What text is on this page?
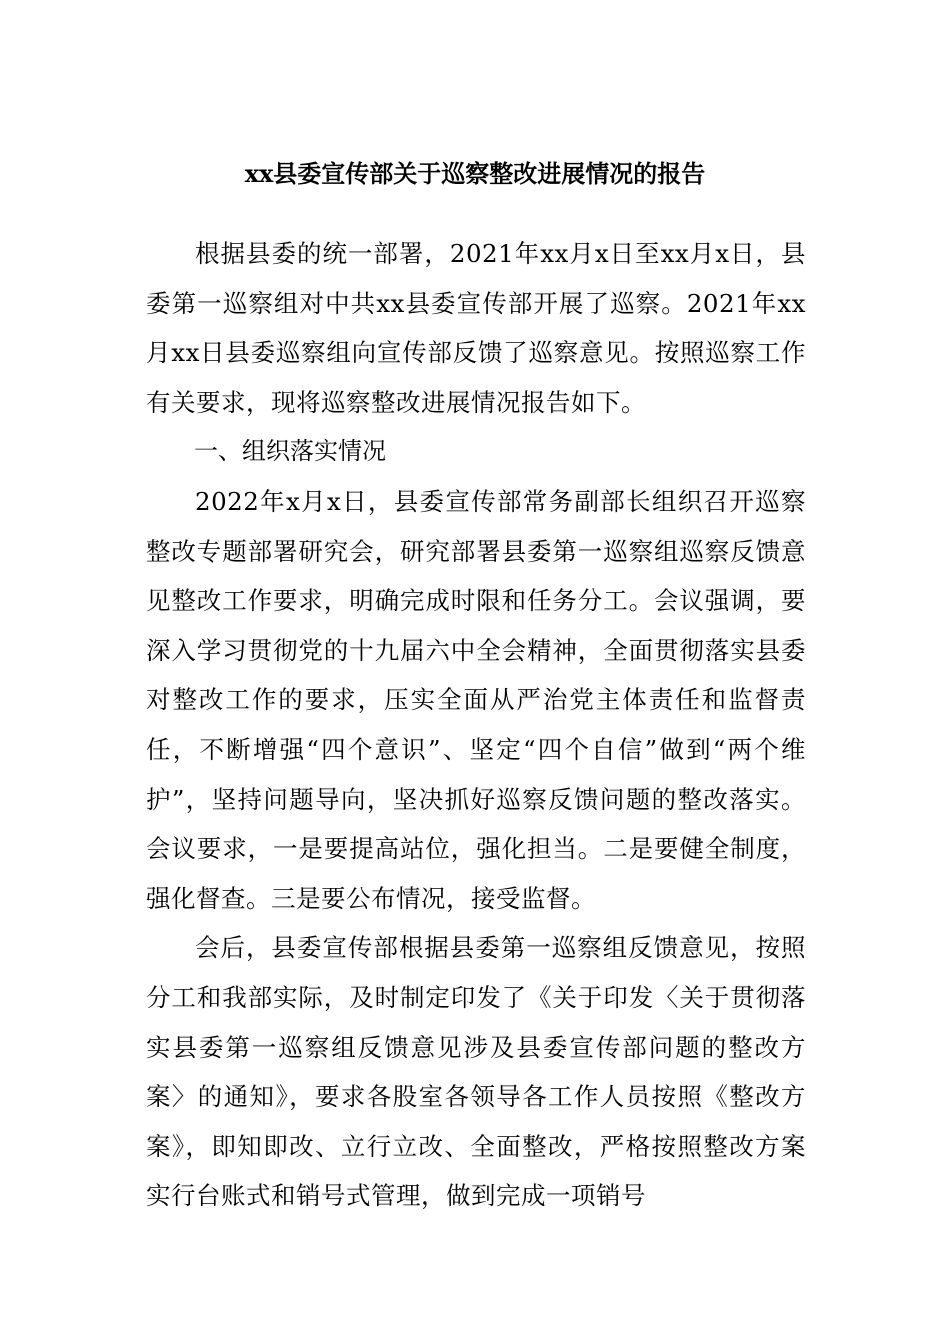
xx县委宣传部关于巡察整改进展情况的报告

根据县委的统一部署，2021年xx月x日至xx月x日，县委第一巡察组对中共xx县委宣传部开展了巡察。2021年xx月xx日县委巡察组向宣传部反馈了巡察意见。按照巡察工作有关要求，现将巡察整改进展情况报告如下。

一、组织落实情况

2022年x月x日，县委宣传部常务副部长组织召开巡察整改专题部署研究会，研究部署县委第一巡察组巡察反馈意见整改工作要求，明确完成时限和任务分工。会议强调，要深入学习贯彻党的十九届六中全会精神，全面贯彻落实县委对整改工作的要求，压实全面从严治党主体责任和监督责任，不断增强“四个意识”、坚定“四个自信”做到“两个维护”，坚持问题导向，坚决抓好巡察反馈问题的整改落实。会议要求，一是要提高站位，强化担当。二是要健全制度，强化督查。三是要公布情况，接受监督。

会后，县委宣传部根据县委第一巡察组反馈意见，按照分工和我部实际，及时制定印发了《关于印发〈关于贯彻落实县委第一巡察组反馈意见涉及县委宣传部问题的整改方案〉的通知》，要求各股室各领导各工作人员按照《整改方案》，即知即改、立行立改、全面整改，严格按照整改方案实行台账式和销号式管理，做到完成一项销号
